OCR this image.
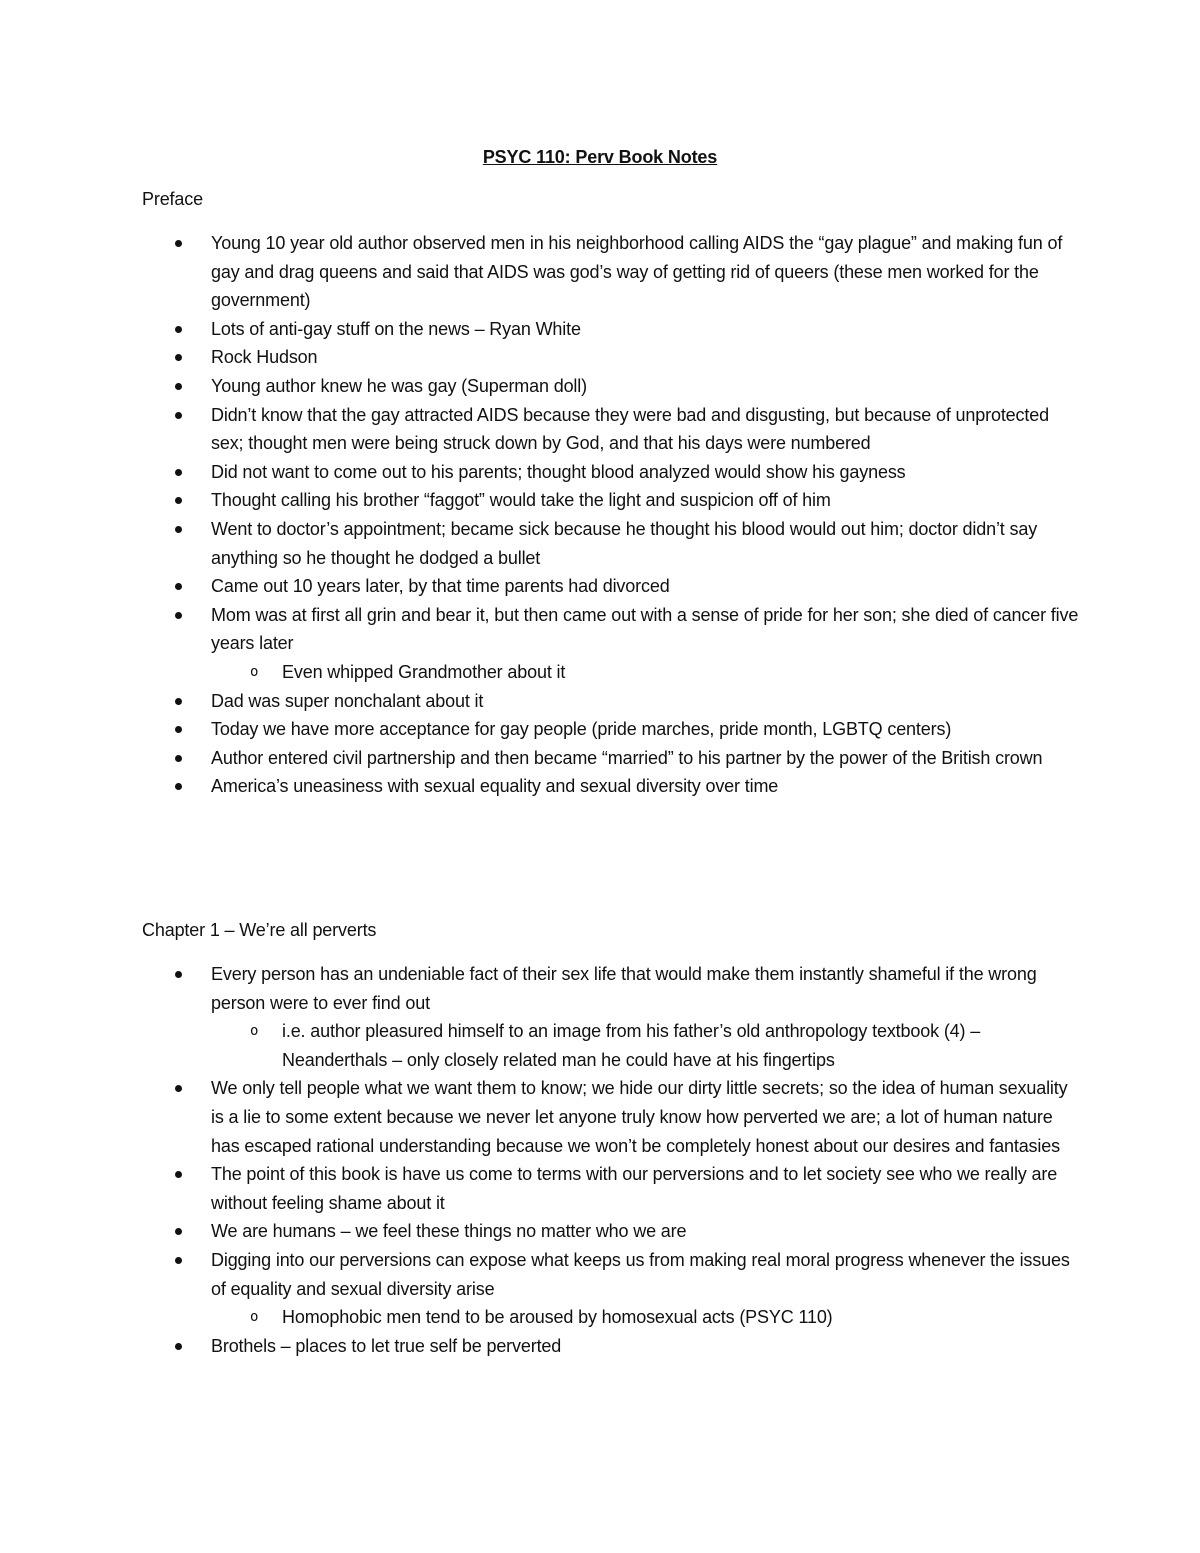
PSYC 110: Perv Book Notes
Preface
Young 10 year old author observed men in his neighborhood calling AIDS the “gay plague” and making fun of gay and drag queens and said that AIDS was god’s way of getting rid of queers (these men worked for the government)
Lots of anti-gay stuff on the news – Ryan White
Rock Hudson
Young author knew he was gay (Superman doll)
Didn’t know that the gay attracted AIDS because they were bad and disgusting, but because of unprotected sex; thought men were being struck down by God, and that his days were numbered
Did not want to come out to his parents; thought blood analyzed would show his gayness
Thought calling his brother “faggot” would take the light and suspicion off of him
Went to doctor’s appointment; became sick because he thought his blood would out him; doctor didn’t say anything so he thought he dodged a bullet
Came out 10 years later, by that time parents had divorced
Mom was at first all grin and bear it, but then came out with a sense of pride for her son; she died of cancer five years later
o Even whipped Grandmother about it
Dad was super nonchalant about it
Today we have more acceptance for gay people (pride marches, pride month, LGBTQ centers)
Author entered civil partnership and then became “married” to his partner by the power of the British crown
America’s uneasiness with sexual equality and sexual diversity over time
Chapter 1 – We’re all perverts
Every person has an undeniable fact of their sex life that would make them instantly shameful if the wrong person were to ever find out
o i.e. author pleasured himself to an image from his father’s old anthropology textbook (4) – Neanderthals – only closely related man he could have at his fingertips
We only tell people what we want them to know; we hide our dirty little secrets; so the idea of human sexuality is a lie to some extent because we never let anyone truly know how perverted we are; a lot of human nature has escaped rational understanding because we won’t be completely honest about our desires and fantasies
The point of this book is have us come to terms with our perversions and to let society see who we really are without feeling shame about it
We are humans – we feel these things no matter who we are
Digging into our perversions can expose what keeps us from making real moral progress whenever the issues of equality and sexual diversity arise
o Homophobic men tend to be aroused by homosexual acts (PSYC 110)
Brothels – places to let true self be perverted
